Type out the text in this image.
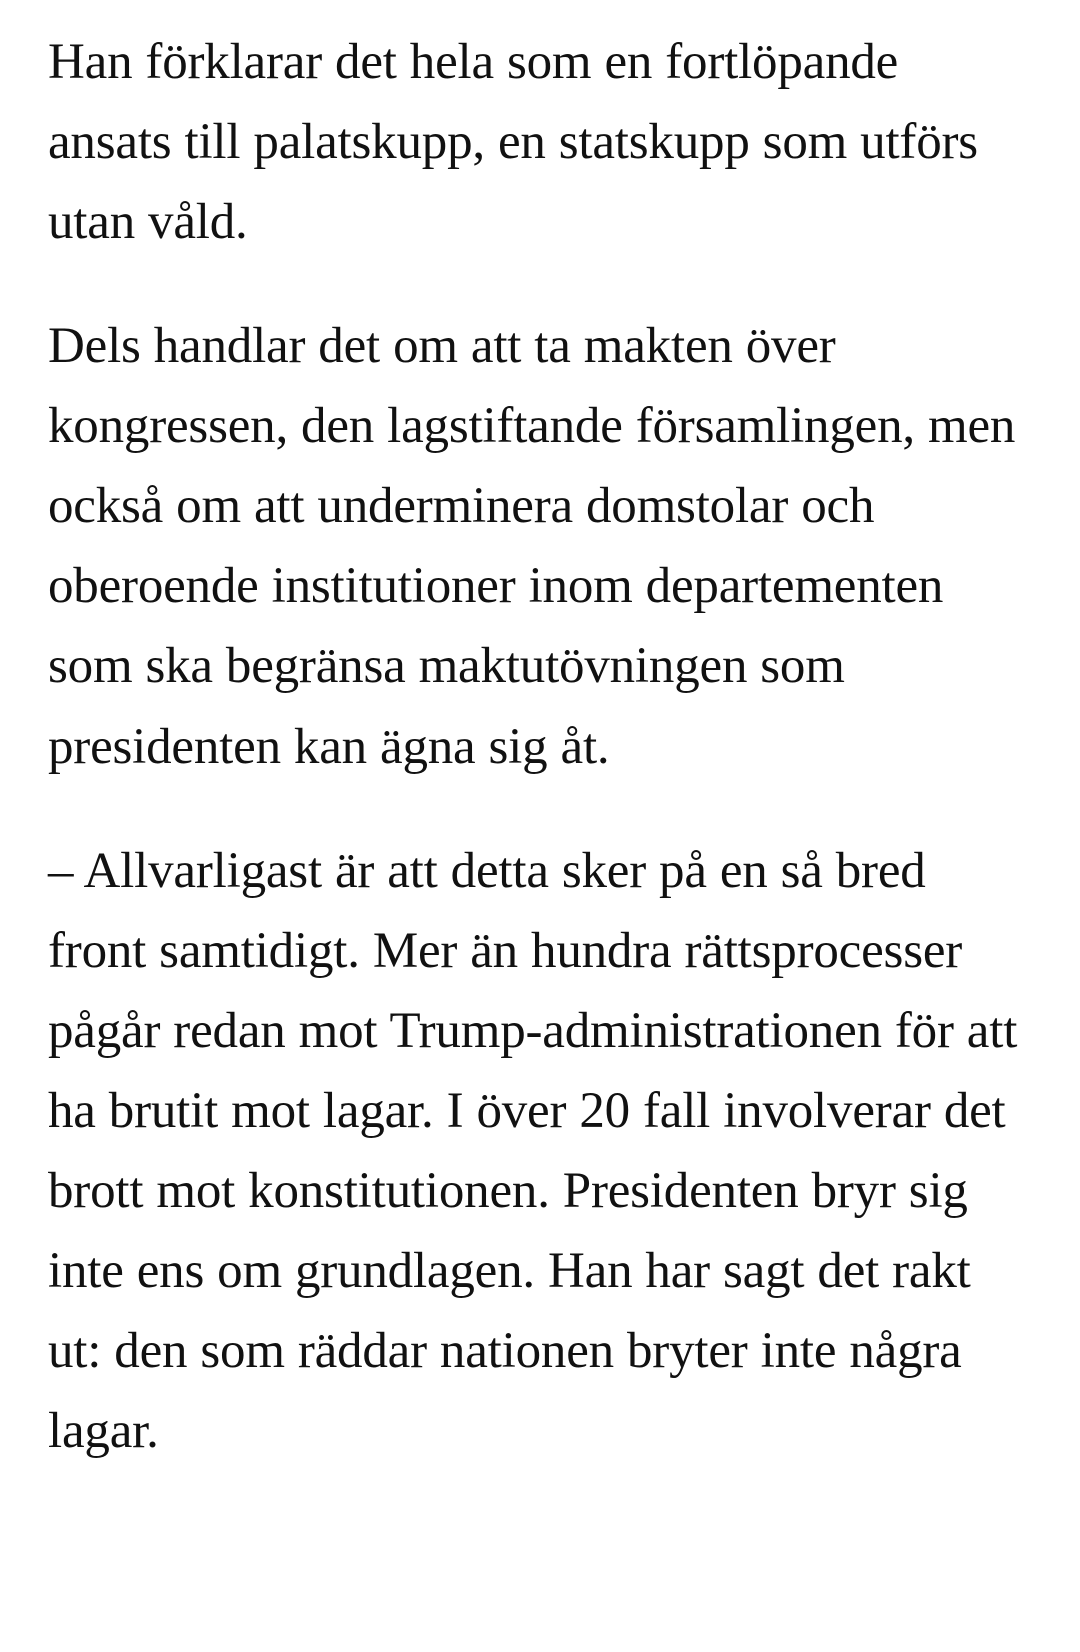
Han förklarar det hela som en fortlöpande ansats till palatskupp, en statskupp som utförs utan våld.

Dels handlar det om att ta makten över kongressen, den lagstiftande församlingen, men också om att underminera domstolar och oberoende institutioner inom departementen som ska begränsa maktutövningen som presidenten kan ägna sig åt.

– Allvarligast är att detta sker på en så bred front samtidigt. Mer än hundra rättsprocesser pågår redan mot Trump-administrationen för att ha brutit mot lagar. I över 20 fall involverar det brott mot konstitutionen. Presidenten bryr sig inte ens om grundlagen. Han har sagt det rakt ut: den som räddar nationen bryter inte några lagar.
